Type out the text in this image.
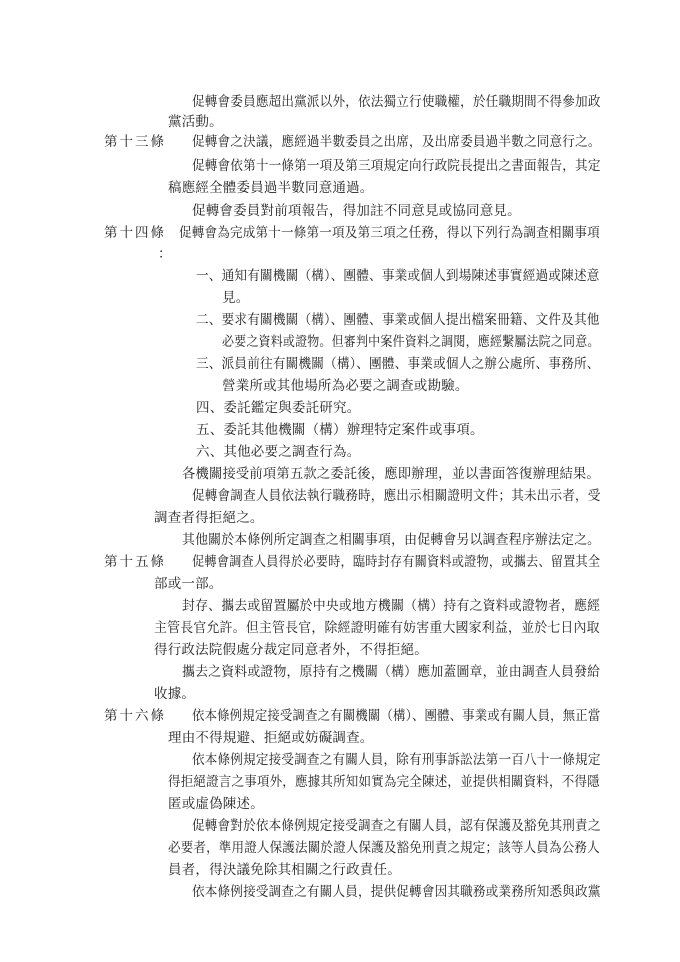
促轉會委員應超出黨派以外，依法獨立行使職權，於任職期間不得參加政
黨活動。
第十三條 促轉會之決議，應經過半數委員之出席，及出席委員過半數之同意行之。
促轉會依第十一條第一項及第三項規定向行政院長提出之書面報告，其定
稿應經全體委員過半數同意通過。
促轉會委員對前項報告，得加註不同意見或協同意見。
第十四條 促轉會為完成第十一條第一項及第三項之任務，得以下列行為調查相關事項
：
一、通知有關機關（構）、團體、事業或個人到場陳述事實經過或陳述意
見。
二、要求有關機關（構）、團體、事業或個人提出檔案冊籍、文件及其他
必要之資料或證物。但審判中案件資料之調閱，應經繫屬法院之同意。
三、派員前往有關機關（構）、團體、事業或個人之辦公處所、事務所、
營業所或其他場所為必要之調查或勘驗。
四、委託鑑定與委託研究。
五、委託其他機關（構）辦理特定案件或事項。
六、其他必要之調查行為。
各機關接受前項第五款之委託後，應即辦理，並以書面答復辦理結果。
促轉會調查人員依法執行職務時，應出示相關證明文件；其未出示者，受
調查者得拒絕之。
其他關於本條例所定調查之相關事項，由促轉會另以調查程序辦法定之。
第十五條 促轉會調查人員得於必要時，臨時封存有關資料或證物，或攜去、留置其全
部或一部。
封存、攜去或留置屬於中央或地方機關（構）持有之資料或證物者，應經
主管長官允許。但主管長官，除經證明確有妨害重大國家利益，並於七日內取
得行政法院假處分裁定同意者外，不得拒絕。
攜去之資料或證物，原持有之機關（構）應加蓋圖章，並由調查人員發給
收據。
第十六條 依本條例規定接受調查之有關機關（構）、團體、事業或有關人員，無正當
理由不得規避、拒絕或妨礙調查。
依本條例規定接受調查之有關人員，除有刑事訴訟法第一百八十一條規定
得拒絕證言之事項外，應據其所知如實為完全陳述，並提供相關資料，不得隱
匿或虛偽陳述。
促轉會對於依本條例規定接受調查之有關人員，認有保護及豁免其刑責之
必要者，準用證人保護法關於證人保護及豁免刑責之規定；該等人員為公務人
員者，得決議免除其相關之行政責任。
依本條例接受調查之有關人員，提供促轉會因其職務或業務所知悉與政黨
